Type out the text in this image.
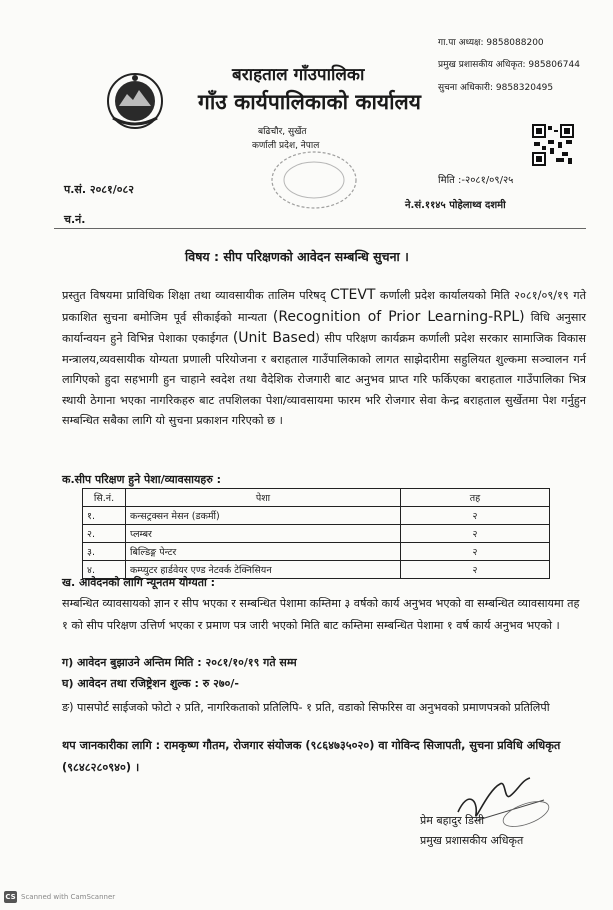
बराहताल गाँउपालिका
गाँउ कार्यपालिकाको कार्यालय
बढिचौर, सुर्खेत
कर्णाली प्रदेश, नेपाल
गा.पा अध्यक्ष: 9858088200
प्रमुख प्रशासकीय अधिकृत: 985806744
सुचना अधिकारी: 9858320495
प.सं. २०८१/०८२
च.नं.
मिति :-२०८१/०९/२५
ने.सं.११४५ पोहेलाथ्व दशमी
विषय : सीप परिक्षणको आवेदन सम्बन्धि सुचना ।
प्रस्तुत विषयमा प्राविधिक शिक्षा तथा व्यावसायीक तालिम परिषद् CTEVT कर्णाली प्रदेश कार्यालयको मिति २०८१/०९/१९ गते प्रकाशित सुचना बमोजिम पूर्व सीकाईको मान्यता (Recognition of Prior Learning-RPL) विधि अनुसार कार्यान्वयन हुने विभिन्न पेशाका एकाईगत (Unit Based) सीप परिक्षण कार्यक्रम कर्णाली प्रदेश सरकार सामाजिक विकास मन्त्रालय,व्यवसायीक योग्यता प्रणाली परियोजना र बराहताल गाउँपालिकाको लागत साझेदारीमा सहुलियत शुल्कमा सञ्चालन गर्न लागिएको हुदा सहभागी हुन चाहाने स्वदेश तथा वैदेशिक रोजगारी बाट अनुभव प्राप्त गरि फर्किएका बराहताल गाउँपालिका भित्र स्थायी ठेगाना भएका नागरिकहरु बाट तपशिलका पेशा/व्यावसायमा फारम भरि रोजगार सेवा केन्द्र बराहताल सुर्खेतमा पेश गर्नुहुन सम्बन्धित सबैका लागि यो सुचना प्रकाशन गरिएको छ ।
क.सीप परिक्षण हुने पेशा/व्यावसायहरु :
सि.नं.	पेशा	तह
१.	कन्सट्रक्सन मेसन (डकर्मी)	२
२.	प्लम्बर	२
३.	बिल्डिङ्ग पेन्टर	२
४.	कम्प्युटर हार्डवेयर एण्ड नेटवर्क टेक्निसियन	२
ख. आवेदनको लागि न्यूनतम योग्यता :
सम्बन्धित व्यावसायको ज्ञान र सीप भएका र सम्बन्धित पेशामा कम्तिमा ३ वर्षको कार्य अनुभव भएको वा सम्बन्धित व्यावसायमा तह १ को सीप परिक्षण उत्तिर्ण भएका र प्रमाण पत्र जारी भएको मिति बाट कम्तिमा सम्बन्धित पेशामा १ वर्ष कार्य अनुभव भएको ।
ग) आवेदन बुझाउने अन्तिम मिति : २०८१/१०/१९ गते सम्म
घ) आवेदन तथा रजिष्ट्रेशन शुल्क : रु २७०/-
ङ) पासपोर्ट साईजको फोटो २ प्रति, नागरिकताको प्रतिलिपि- १ प्रति, वडाको सिफरिस वा अनुभवको प्रमाणपत्रको प्रतिलिपी
थप जानकारीका लागि : रामकृष्ण गौतम, रोजगार संयोजक (९८६४७३५०२०) वा गोविन्द सिजापती, सुचना प्रविधि अधिकृत (९८४८२८०९४०) ।
प्रेम बहादुर डिसी
प्रमुख प्रशासकीय अधिकृत
CS Scanned with CamScanner
